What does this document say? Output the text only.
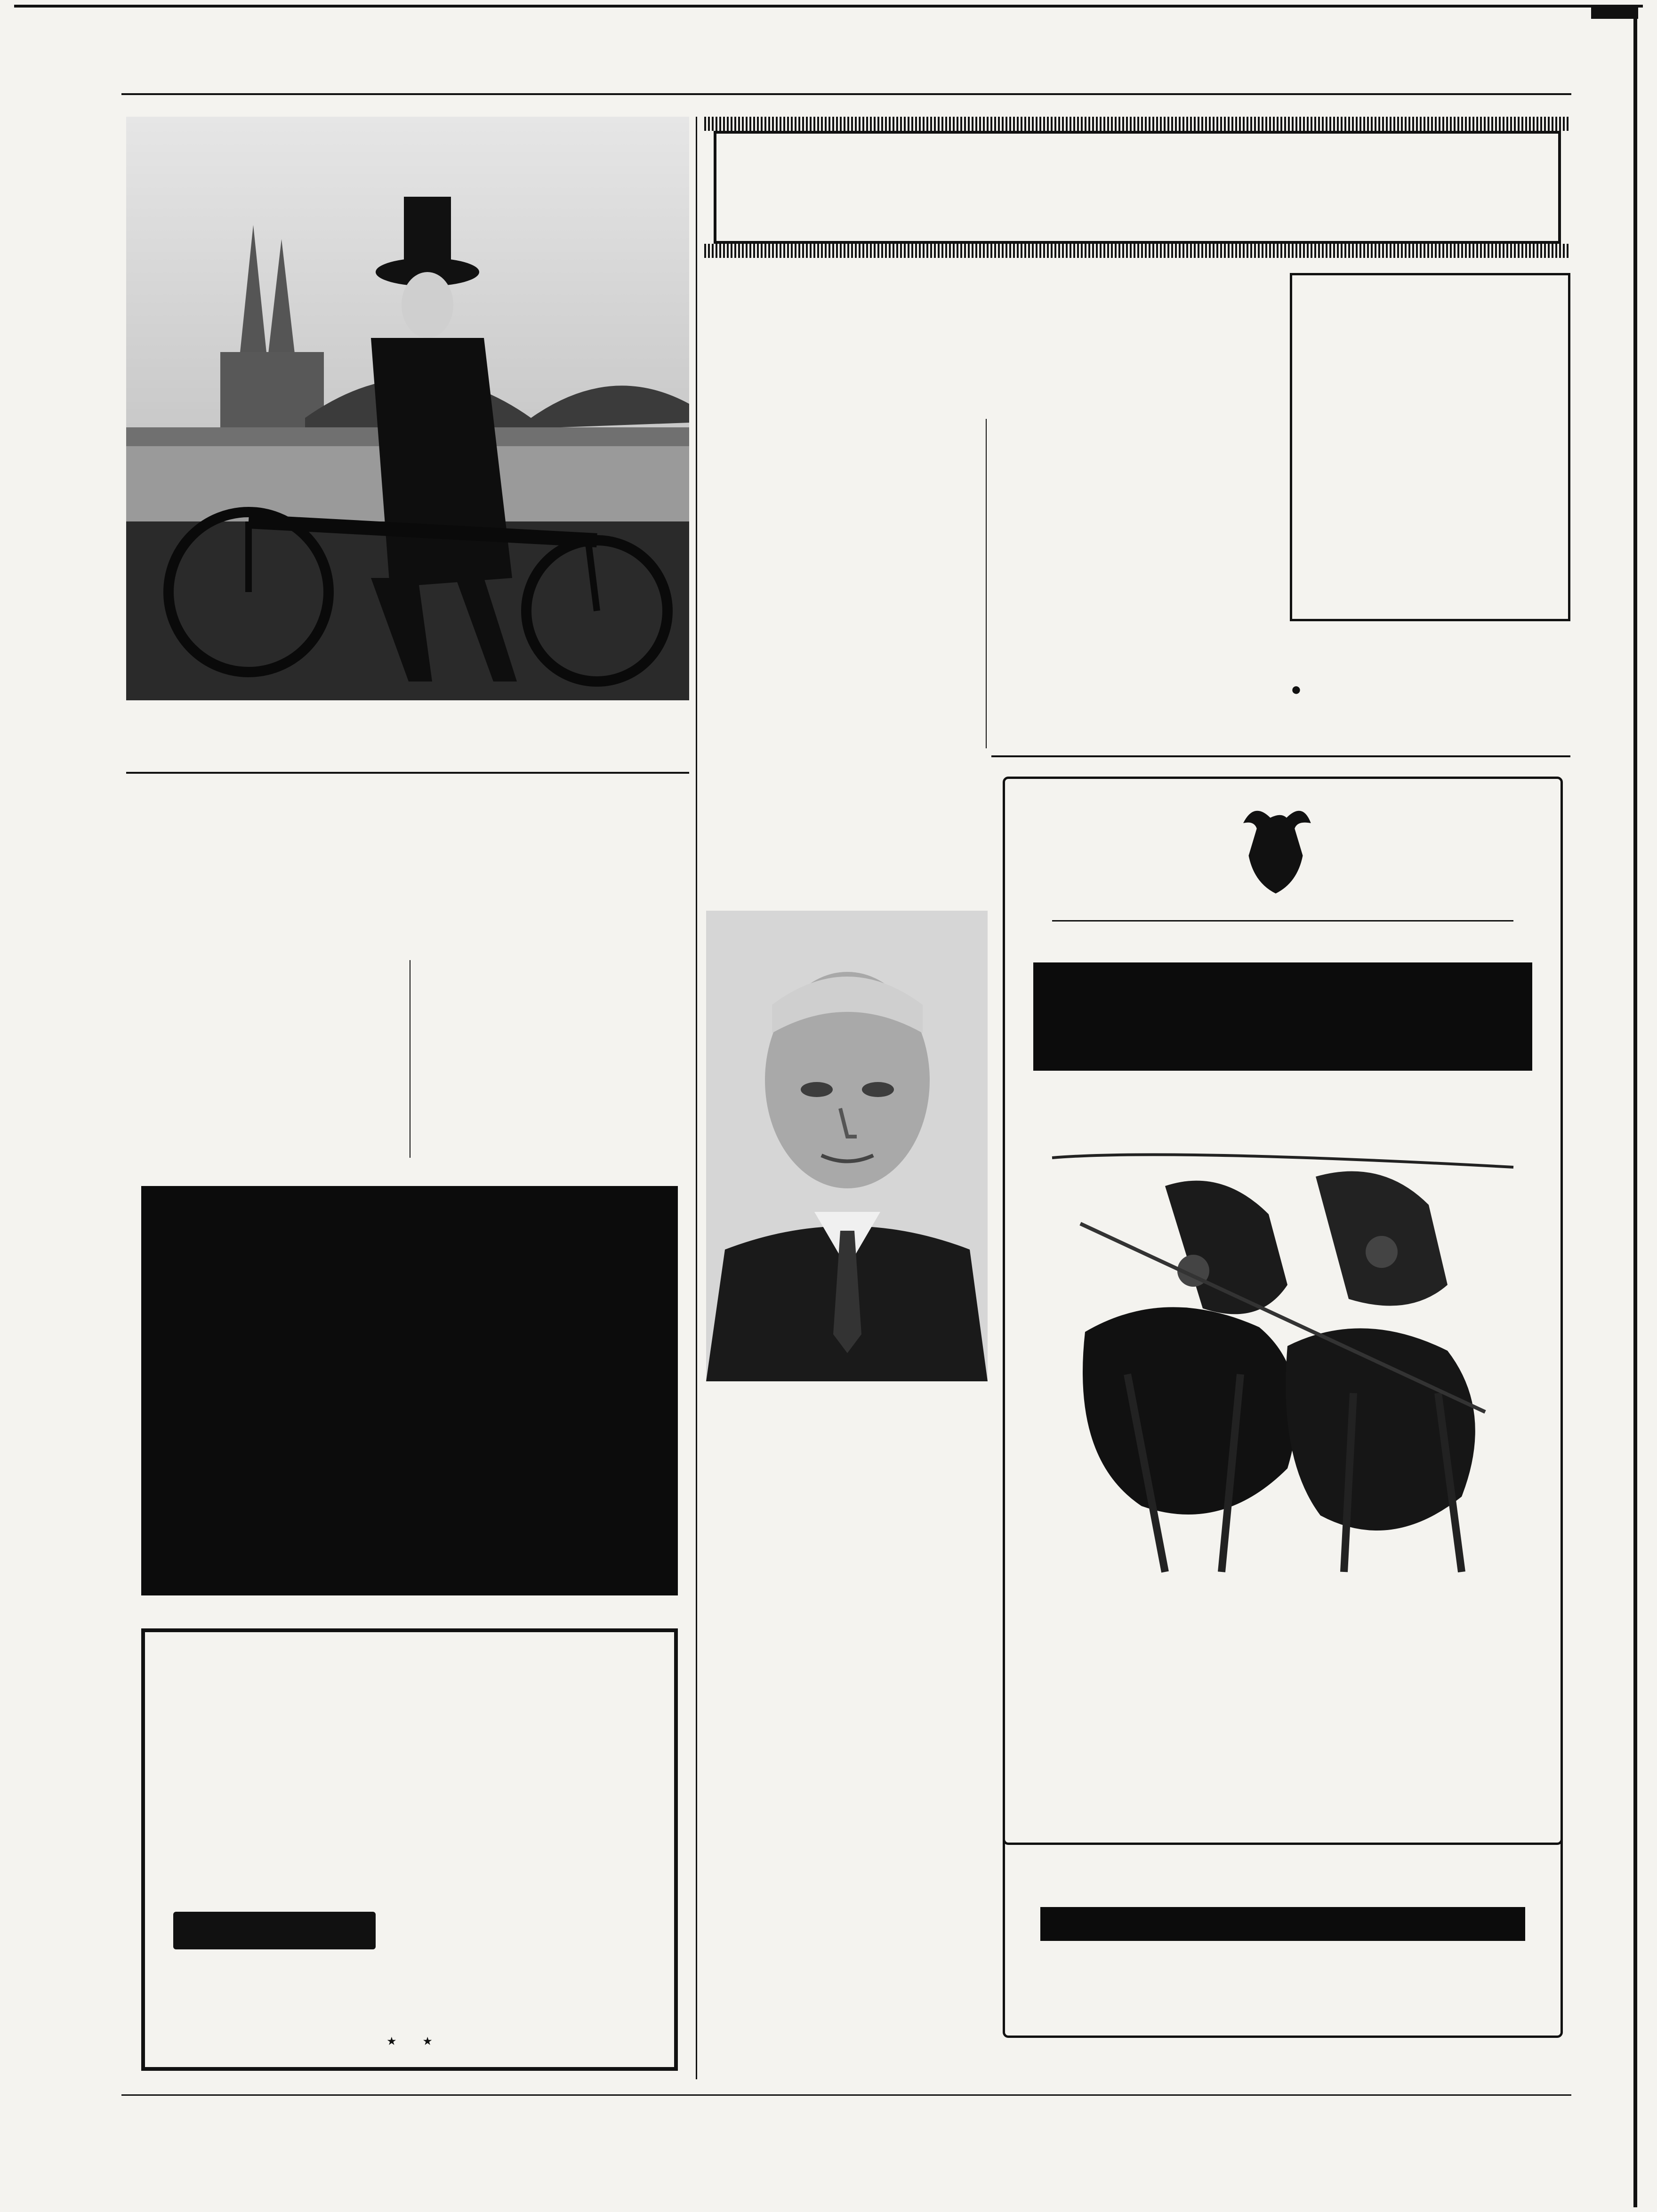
★ ★
●
